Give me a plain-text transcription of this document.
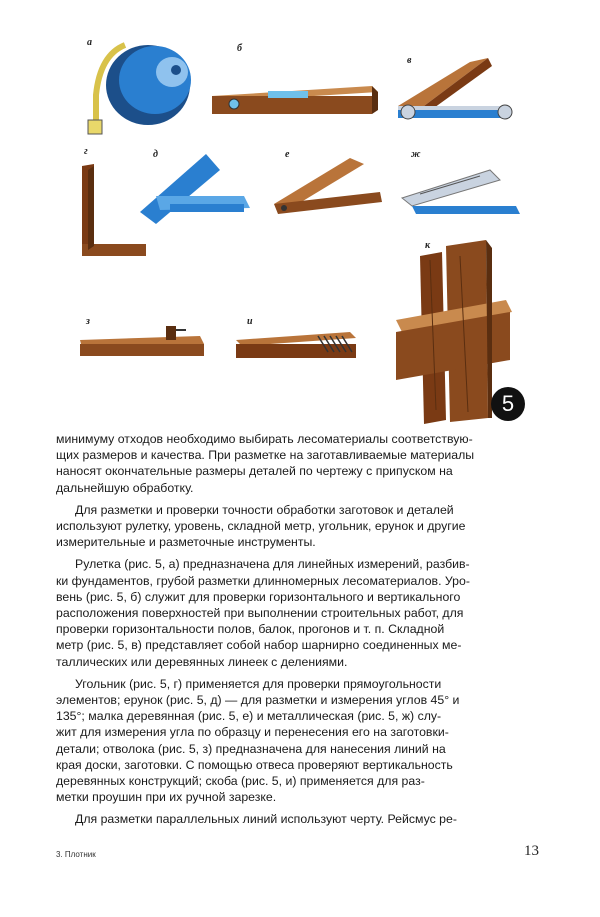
а
б
в
г	д	е	ж
к
з	и
5

минимуму отходов необходимо выбирать лесоматериалы соответствую-

щих размеров и качества. При разметке на заготавливаемые материалы

наносят окончательные размеры деталей по чертежу с припуском на

дальнейшую обработку.

Для разметки и проверки точности обработки заготовок и деталей

используют рулетку, уровень, складной метр, угольник, ерунок и другие

измерительные и разметочные инструменты.

Рулетка (рис. 5, а) предназначена для линейных измерений, разбив-

ки фундаментов, грубой разметки длинномерных лесоматериалов. Уро-

вень (рис. 5, б) служит для проверки горизонтального и вертикального

расположения поверхностей при выполнении строительных работ, для

проверки горизонтальности полов, балок, прогонов и т. п. Складной

метр (рис. 5, в) представляет собой набор шарнирно соединенных ме-

таллических или деревянных линеек с делениями.

Угольник (рис. 5, г) применяется для проверки прямоугольности

элементов; ерунок (рис. 5, д) — для разметки и измерения углов 45° и

135°; малка деревянная (рис. 5, е) и металлическая (рис. 5, ж) слу-

жит для измерения угла по образцу и перенесения его на заготовки-

детали; отволока (рис. 5, з) предназначена для нанесения линий на

края доски, заготовки. С помощью отвеса проверяют вертикальность

деревянных конструкций; скоба (рис. 5, и) применяется для раз-

метки проушин при их ручной зарезке.

Для разметки параллельных линий используют черту. Рейсмус ре-

3. Плотник	13
